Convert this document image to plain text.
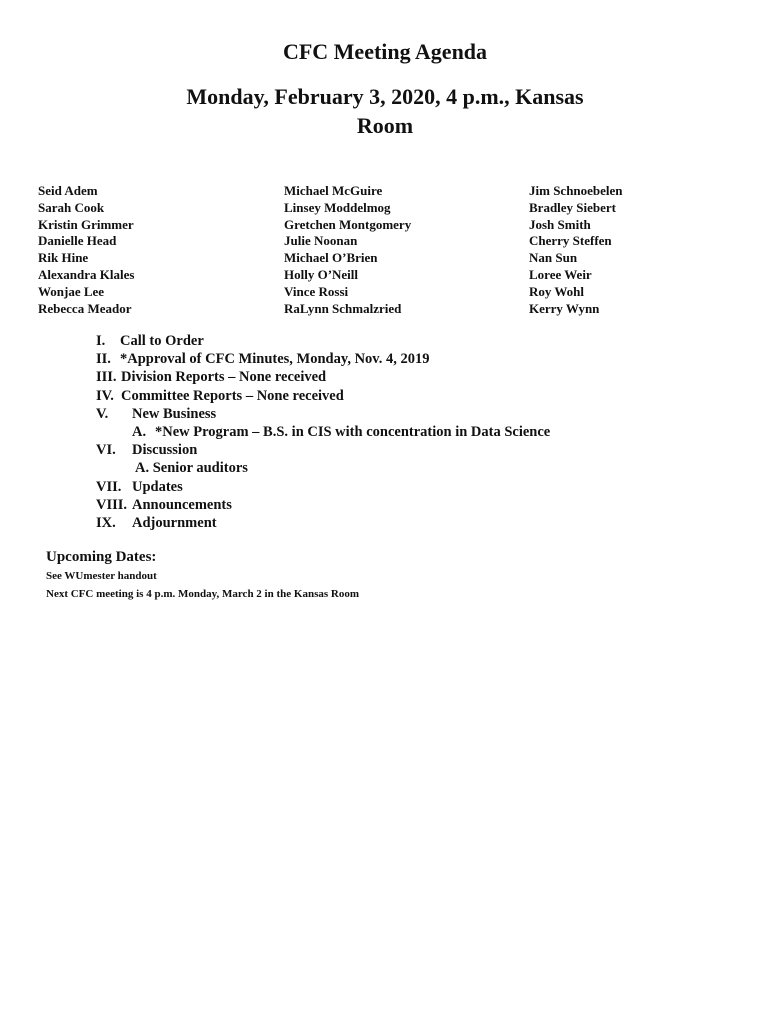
CFC Meeting Agenda
Monday, February 3, 2020, 4 p.m., Kansas
Room
Seid Adem
Sarah Cook
Kristin Grimmer
Danielle Head
Rik Hine
Alexandra Klales
Wonjae Lee
Rebecca Meador
Michael McGuire
Linsey Moddelmog
Gretchen Montgomery
Julie Noonan
Michael O’Brien
Holly O’Neill
Vince Rossi
RaLynn Schmalzried
Jim Schnoebelen
Bradley Siebert
Josh Smith
Cherry Steffen
Nan Sun
Loree Weir
Roy Wohl
Kerry Wynn
I. Call to Order
II. *Approval of CFC Minutes, Monday, Nov. 4, 2019
III. Division Reports – None received
IV. Committee Reports – None received
V. New Business
A. *New Program – B.S. in CIS with concentration in Data Science
VI. Discussion
A. Senior auditors
VII. Updates
VIII. Announcements
IX. Adjournment
Upcoming Dates:
See WUmester handout
Next CFC meeting is 4 p.m. Monday, March 2 in the Kansas Room
